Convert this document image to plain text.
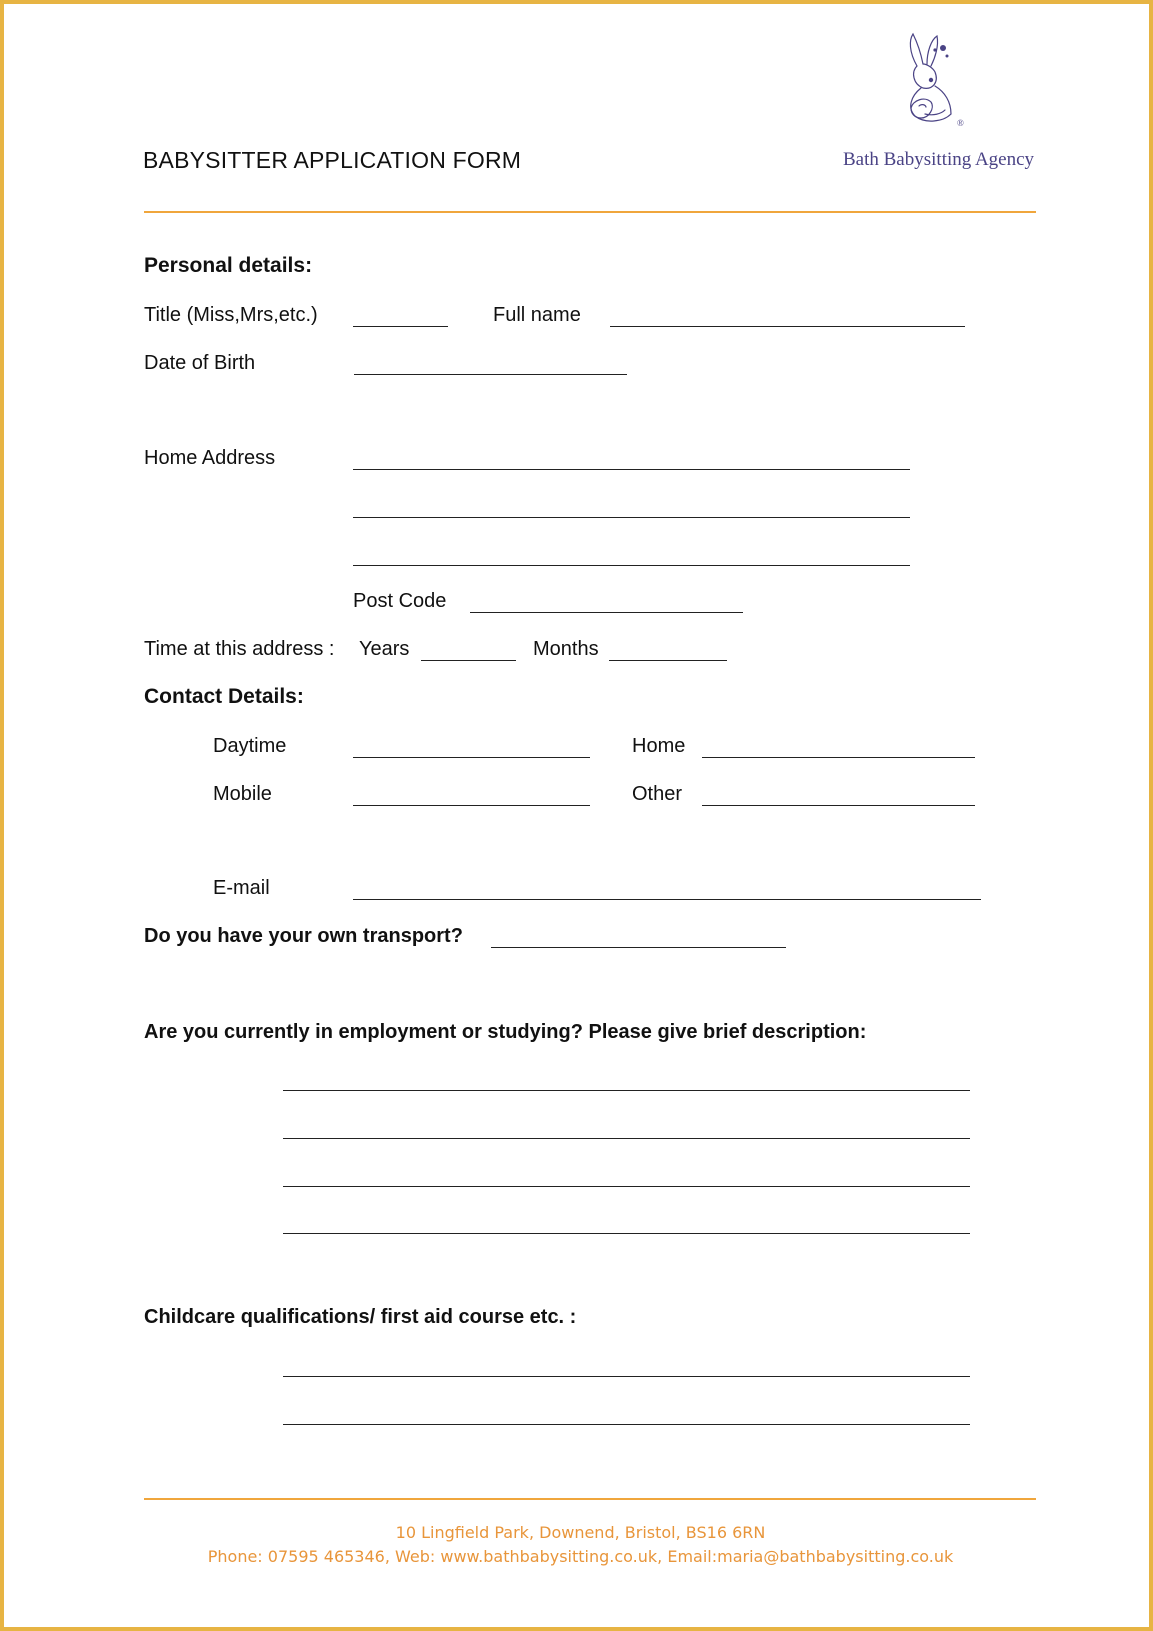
BABYSITTER APPLICATION FORM
®
Bath Babysitting Agency
Personal details:
Title (Miss,Mrs,etc.)	Full name
Date of Birth
Home Address
Post Code
Time at this address : Years	Months
Contact Details:
Daytime	Home
Mobile	Other
E-mail
Do you have your own transport?
Are you currently in employment or studying? Please give brief description:
Childcare qualifications/ first aid course etc. :
10 Lingfield Park, Downend, Bristol, BS16 6RN
Phone: 07595 465346, Web: www.bathbabysitting.co.uk, Email:maria@bathbabysitting.co.uk
